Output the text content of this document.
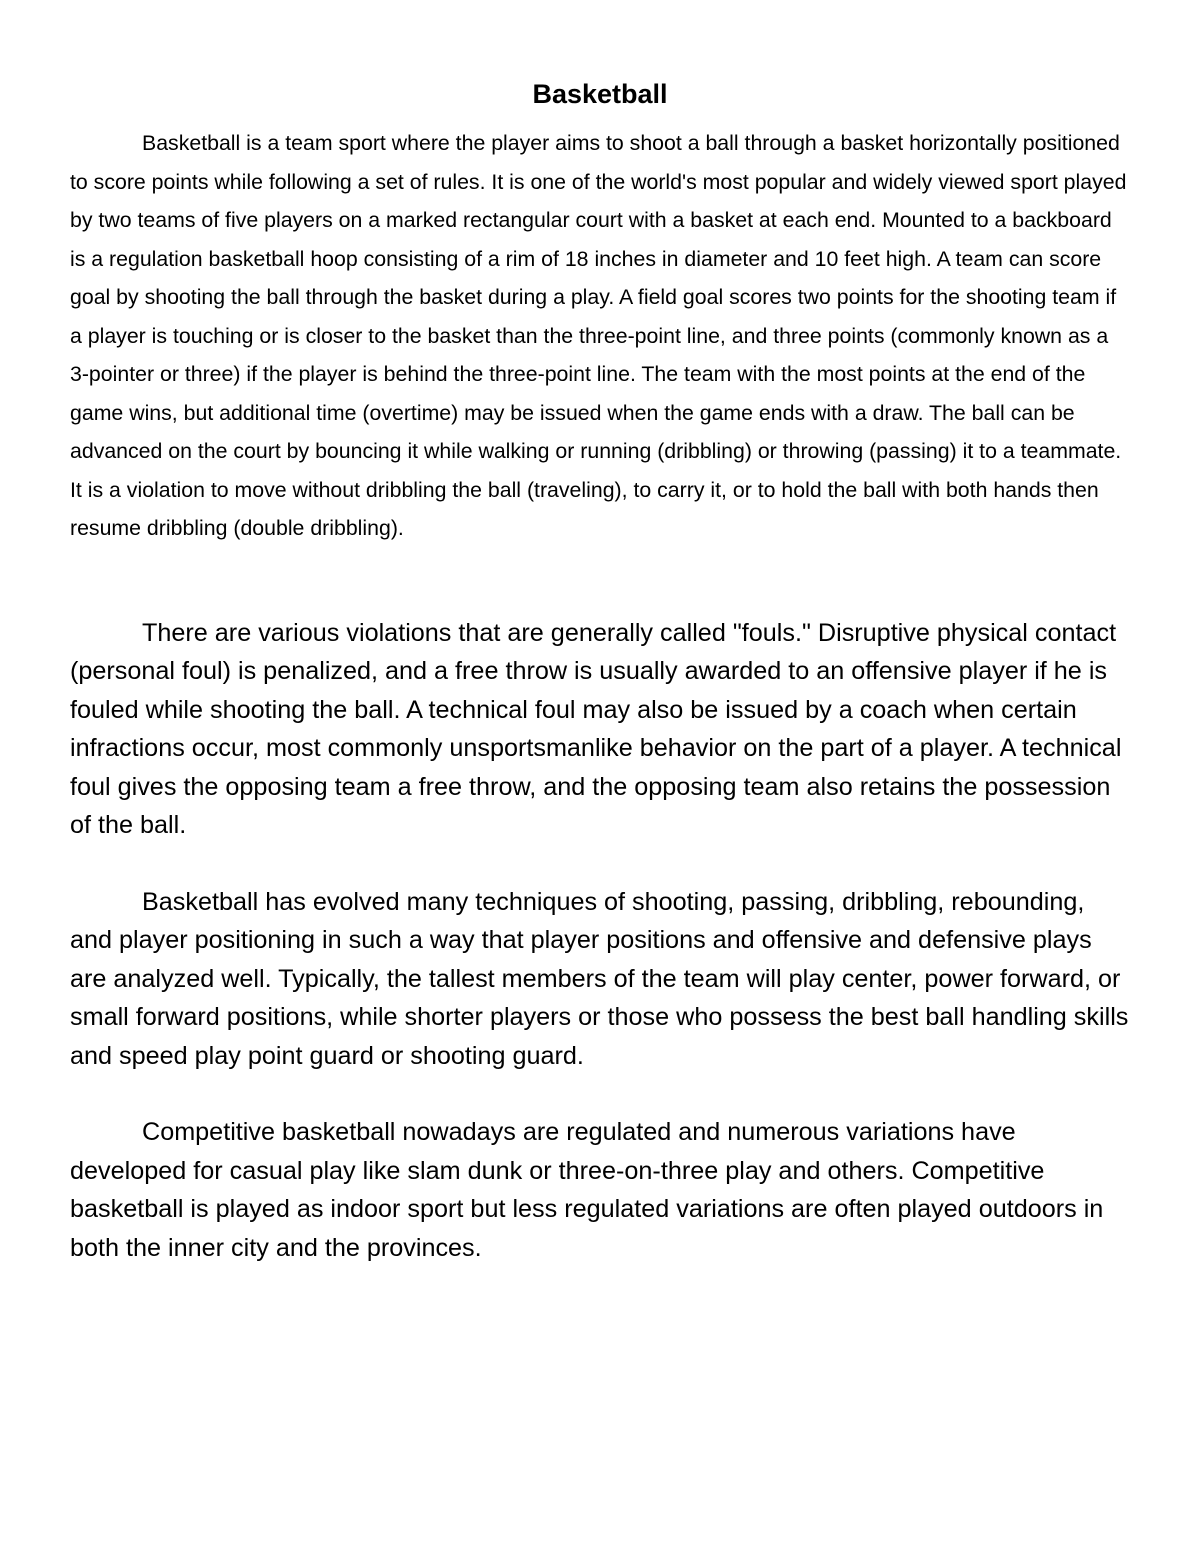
Basketball

Basketball is a team sport where the player aims to shoot a ball through a basket horizontally positioned to score points while following a set of rules. It is one of the world's most popular and widely viewed sport played by two teams of five players on a marked rectangular court with a basket at each end. Mounted to a backboard is a regulation basketball hoop consisting of a rim of 18 inches in diameter and 10 feet high. A team can score goal by shooting the ball through the basket during a play. A field goal scores two points for the shooting team if a player is touching or is closer to the basket than the three-point line, and three points (commonly known as a 3-pointer or three) if the player is behind the three-point line. The team with the most points at the end of the game wins, but additional time (overtime) may be issued when the game ends with a draw. The ball can be advanced on the court by bouncing it while walking or running (dribbling) or throwing (passing) it to a teammate. It is a violation to move without dribbling the ball (traveling), to carry it, or to hold the ball with both hands then resume dribbling (double dribbling).

There are various violations that are generally called "fouls." Disruptive physical contact (personal foul) is penalized, and a free throw is usually awarded to an offensive player if he is fouled while shooting the ball. A technical foul may also be issued by a coach when certain infractions occur, most commonly unsportsmanlike behavior on the part of a player. A technical foul gives the opposing team a free throw, and the opposing team also retains the possession of the ball.

Basketball has evolved many techniques of shooting, passing, dribbling, rebounding, and player positioning in such a way that player positions and offensive and defensive plays are analyzed well. Typically, the tallest members of the team will play center, power forward, or small forward positions, while shorter players or those who possess the best ball handling skills and speed play point guard or shooting guard.

Competitive basketball nowadays are regulated and numerous variations have developed for casual play like slam dunk or three-on-three play and others. Competitive basketball is played as indoor sport but less regulated variations are often played outdoors in both the inner city and the provinces.
